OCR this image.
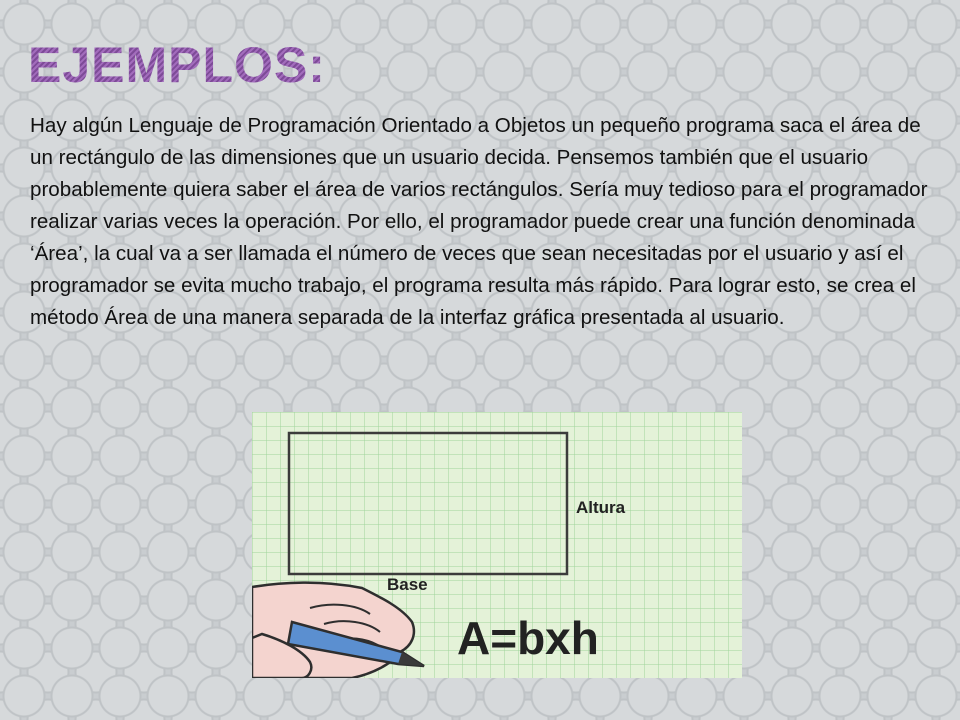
EJEMPLOS:

Hay algún Lenguaje de Programación Orientado a Objetos un pequeño programa saca el área de un rectángulo de las dimensiones que un usuario decida. Pensemos también que el usuario probablemente quiera saber el área de varios rectángulos. Sería muy tedioso para el programador realizar varias veces la operación. Por ello, el programador puede crear una función denominada ‘Área’, la cual va a ser llamada el número de veces que sean necesitadas por el usuario y así el programador se evita mucho trabajo, el programa resulta más rápido. Para lograr esto, se crea el método Área de una manera separada de la interfaz gráfica presentada al usuario.

Altura
Base
A=bxh
